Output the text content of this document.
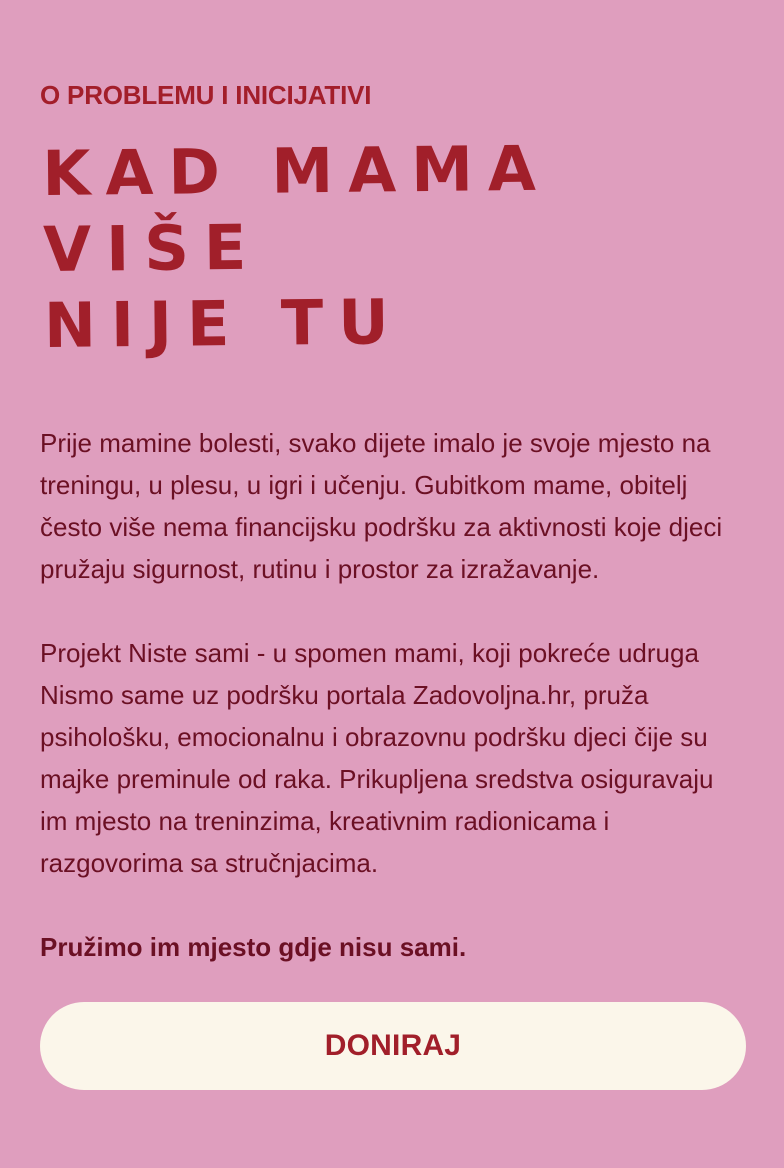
O PROBLEMU I INICIJATIVI

KAD MAMA VIŠE
NIJE TU

Prije mamine bolesti, svako dijete imalo je svoje mjesto na treningu, u plesu, u igri i učenju. Gubitkom mame, obitelj često više nema financijsku podršku za aktivnosti koje djeci pružaju sigurnost, rutinu i prostor za izražavanje.

Projekt Niste sami - u spomen mami, koji pokreće udruga Nismo same uz podršku portala Zadovoljna.hr, pruža psihološku, emocionalnu i obrazovnu podršku djeci čije su majke preminule od raka. Prikupljena sredstva osiguravaju im mjesto na treninzima, kreativnim radionicama i razgovorima sa stručnjacima.

Pružimo im mjesto gdje nisu sami.

DONIRAJ
